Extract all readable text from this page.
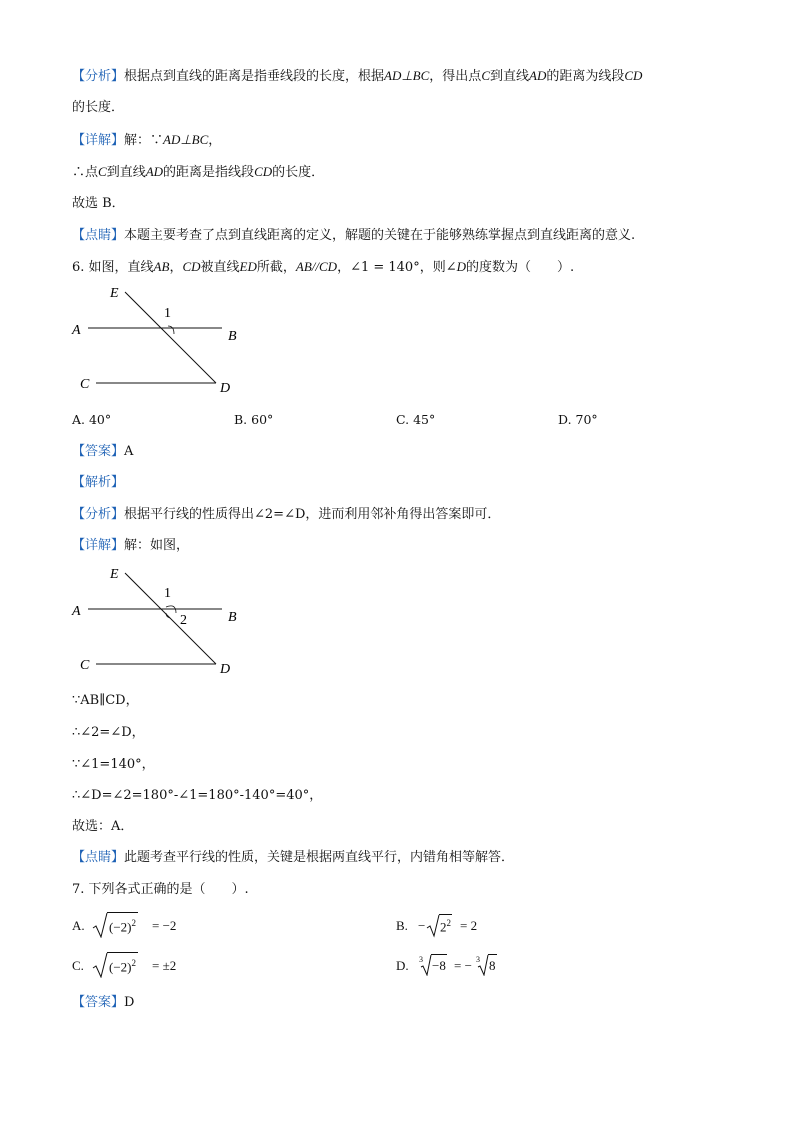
【分析】根据点到直线的距离是指垂线段的长度，根据AD⊥BC，得出点C到直线AD的距离为线段CD
的长度．
【详解】解：∵AD⊥BC，
∴点C到直线AD的距离是指线段CD的长度．
故选 B．
【点睛】本题主要考查了点到直线距离的定义，解题的关键在于能够熟练掌握点到直线距离的意义.
6. 如图，直线AB，CD被直线ED所截，AB//CD，∠1 = 140°，则∠D的度数为（　　）.
E
1
A	B
C	D
A. 40°	B. 60°	C. 45°	D. 70°
【答案】A
【解析】
【分析】根据平行线的性质得出∠2=∠D，进而利用邻补角得出答案即可．
【详解】解：如图，
E
1
2
A	B
C	D
∵AB∥CD，
∴∠2=∠D，
∵∠1=140°，
∴∠D=∠2=180°-∠1=180°-140°=40°，
故选：A．
【点睛】此题考查平行线的性质，关键是根据两直线平行，内错角相等解答．
7. 下列各式正确的是（　　）.
A. $(-2)^2 = -2$	B. − $2^2 = 2$
C. $(-2)^2 = \pm 2$	D. 3 −8 = − 3 8
【答案】D
